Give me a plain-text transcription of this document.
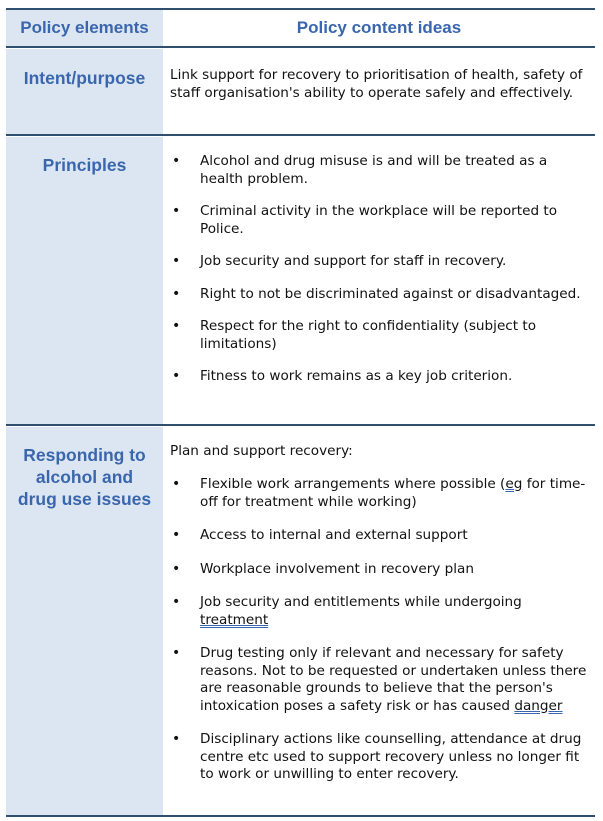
Policy elements	Policy content ideas
Intent/purpose	Link support for recovery to prioritisation of health, safety of staff organisation's ability to operate safely and effectively.
Principles
•	Alcohol and drug misuse is and will be treated as a health problem.
• Criminal activity in the workplace will be reported to Police.
• Job security and support for staff in recovery.
• Right to not be discriminated against or disadvantaged.
• Respect for the right to confidentiality (subject to limitations)
• Fitness to work remains as a key job criterion.
Responding to
alcohol and
drug use issues
Plan and support recovery:
• Flexible work arrangements where possible (eg for time-off for treatment while working)
• Access to internal and external support
• Workplace involvement in recovery plan
• Job security and entitlements while undergoing treatment
• Drug testing only if relevant and necessary for safety reasons. Not to be requested or undertaken unless there are reasonable grounds to believe that the person's intoxication poses a safety risk or has caused danger
• Disciplinary actions like counselling, attendance at drug centre etc used to support recovery unless no longer fit to work or unwilling to enter recovery.
